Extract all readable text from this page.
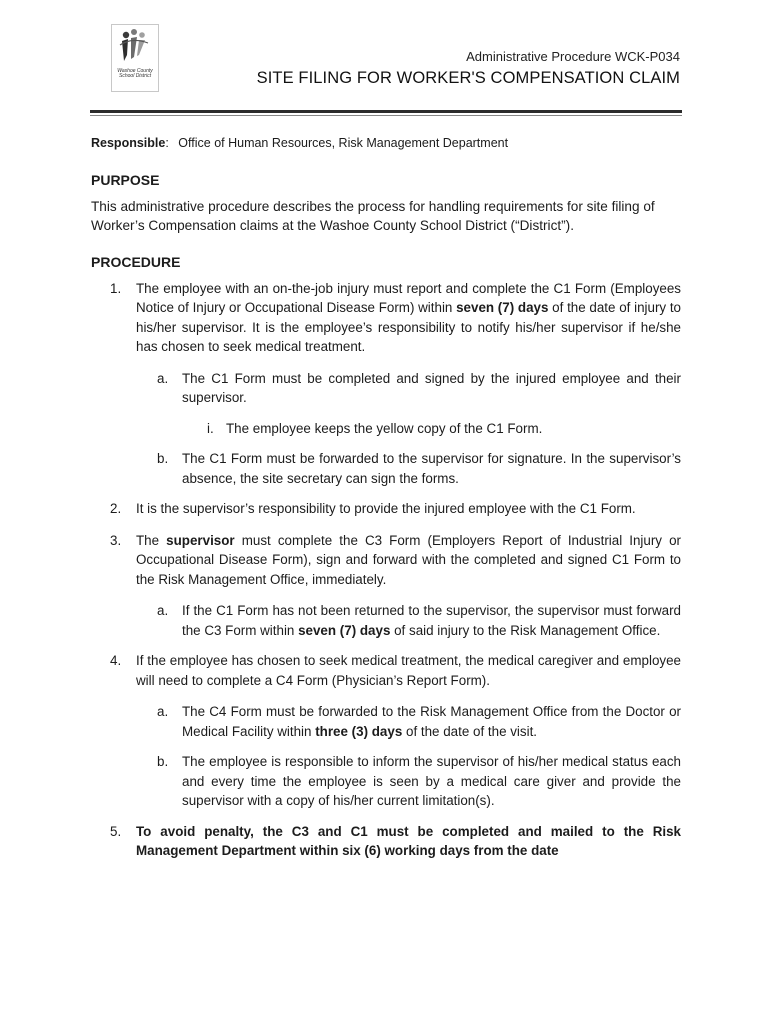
Washoe County
School District
Administrative Procedure WCK-P034
SITE FILING FOR WORKER'S COMPENSATION CLAIM
Responsible: Office of Human Resources, Risk Management Department
PURPOSE

This administrative procedure describes the process for handling requirements for site filing of Worker’s Compensation claims at the Washoe County School District (“District”).

PROCEDURE
1. The employee with an on-the-job injury must report and complete the C1 Form (Employees Notice of Injury or Occupational Disease Form) within seven (7) days of the date of injury to his/her supervisor. It is the employee’s responsibility to notify his/her supervisor if he/she has chosen to seek medical treatment.
a. The C1 Form must be completed and signed by the injured employee and their supervisor.
i. The employee keeps the yellow copy of the C1 Form.
b. The C1 Form must be forwarded to the supervisor for signature. In the supervisor’s absence, the site secretary can sign the forms.
2. It is the supervisor’s responsibility to provide the injured employee with the C1 Form.
3. The supervisor must complete the C3 Form (Employers Report of Industrial Injury or Occupational Disease Form), sign and forward with the completed and signed C1 Form to the Risk Management Office, immediately.
a. If the C1 Form has not been returned to the supervisor, the supervisor must forward the C3 Form within seven (7) days of said injury to the Risk Management Office.
4. If the employee has chosen to seek medical treatment, the medical caregiver and employee will need to complete a C4 Form (Physician’s Report Form).
a. The C4 Form must be forwarded to the Risk Management Office from the Doctor or Medical Facility within three (3) days of the date of the visit.
b. The employee is responsible to inform the supervisor of his/her medical status each and every time the employee is seen by a medical care giver and provide the supervisor with a copy of his/her current limitation(s).
5. To avoid penalty, the C3 and C1 must be completed and mailed to the Risk Management Department within six (6) working days from the date
